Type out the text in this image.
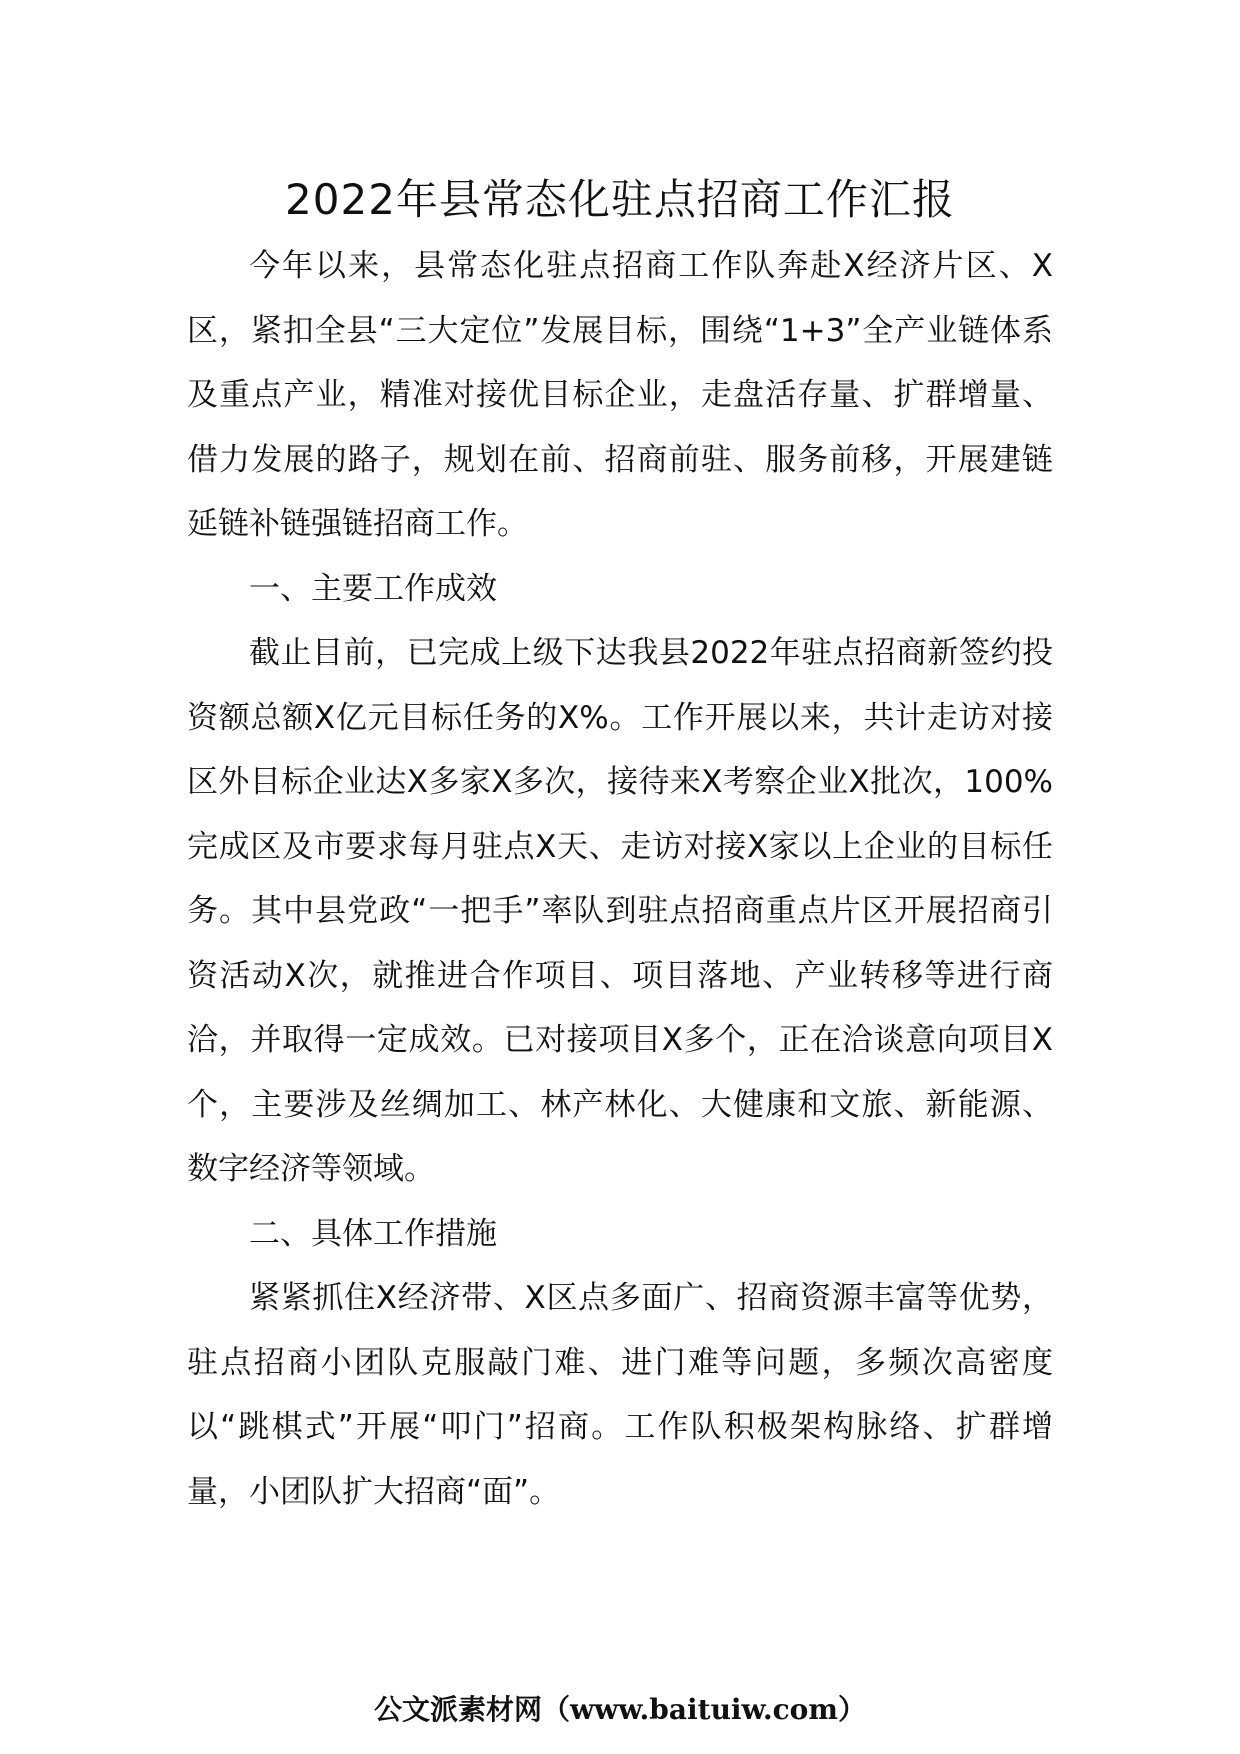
2022年县常态化驻点招商工作汇报

今年以来，县常态化驻点招商工作队奔赴X经济片区、X区，紧扣全县“三大定位”发展目标，围绕“1+3”全产业链体系及重点产业，精准对接优目标企业，走盘活存量、扩群增量、借力发展的路子，规划在前、招商前驻、服务前移，开展建链延链补链强链招商工作。

一、主要工作成效

截止目前，已完成上级下达我县2022年驻点招商新签约投资额总额X亿元目标任务的X%。工作开展以来，共计走访对接区外目标企业达X多家X多次，接待来X考察企业X批次，100%完成区及市要求每月驻点X天、走访对接X家以上企业的目标任务。其中县党政“一把手”率队到驻点招商重点片区开展招商引资活动X次，就推进合作项目、项目落地、产业转移等进行商洽，并取得一定成效。已对接项目X多个，正在洽谈意向项目X个，主要涉及丝绸加工、林产林化、大健康和文旅、新能源、数字经济等领域。

二、具体工作措施

紧紧抓住X经济带、X区点多面广、招商资源丰富等优势，驻点招商小团队克服敲门难、进门难等问题，多频次高密度以“跳棋式”开展“叩门”招商。工作队积极架构脉络、扩群增量，小团队扩大招商“面”。

公文派素材网（www.baituiw.com）
